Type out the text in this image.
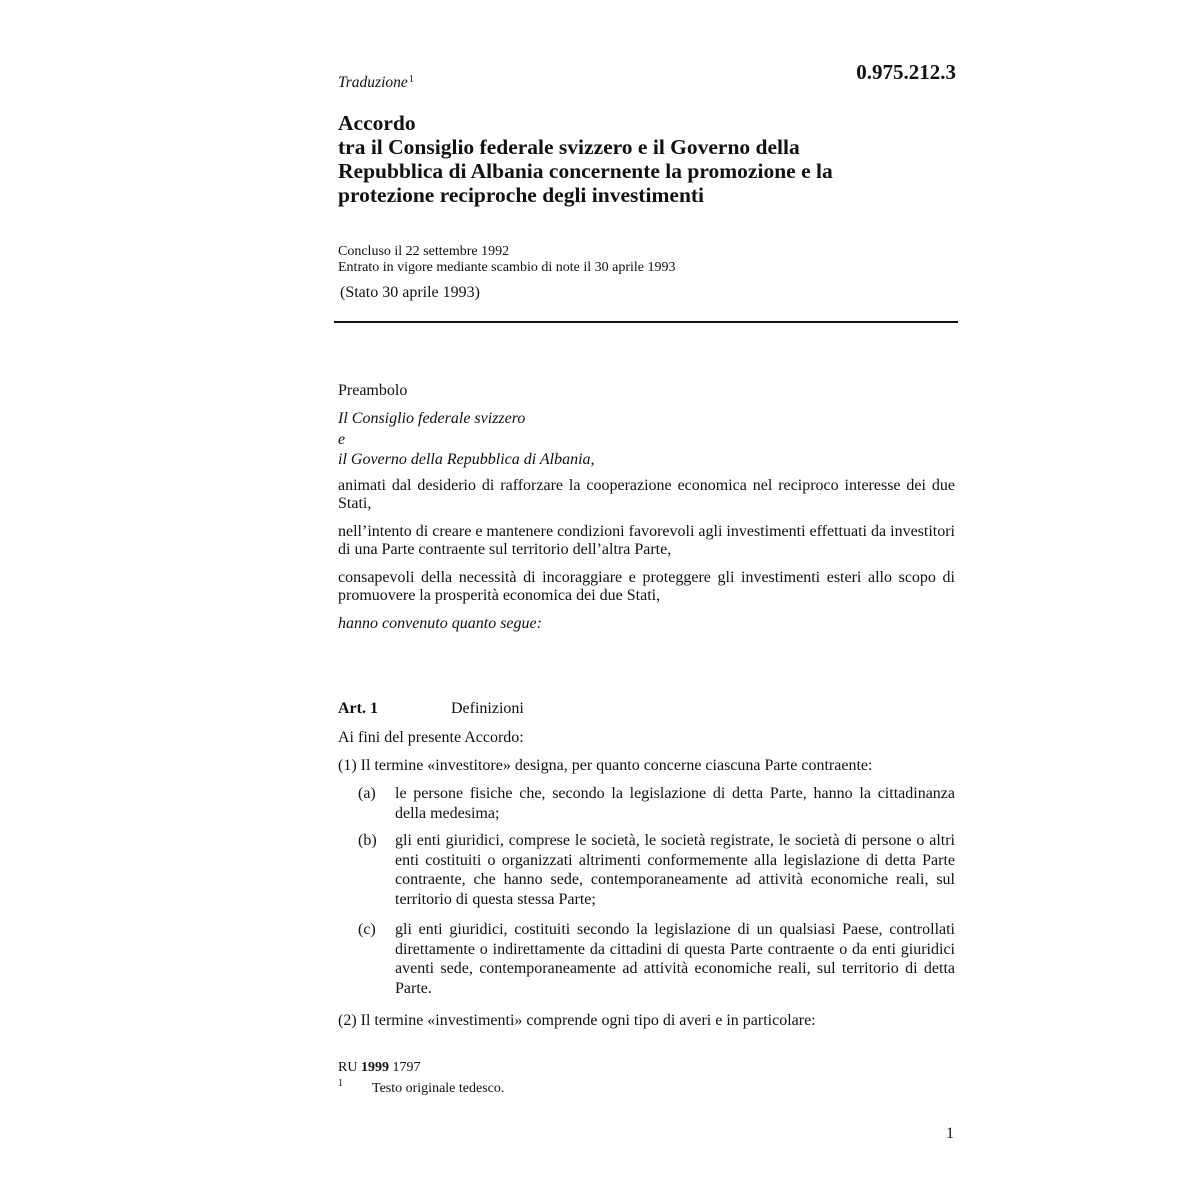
0.975.212.3
Traduzione$^1$
Accordo
tra il Consiglio federale svizzero e il Governo della
Repubblica di Albania concernente la promozione e la
protezione reciproche degli investimenti
Concluso il 22 settembre 1992
Entrato in vigore mediante scambio di note il 30 aprile 1993
(Stato 30 aprile 1993)
Preambolo
Il Consiglio federale svizzero
e
il Governo della Repubblica di Albania,
animati dal desiderio di rafforzare la cooperazione economica nel reciproco interesse dei due Stati,
nell’intento di creare e mantenere condizioni favorevoli agli investimenti effettuati da investitori di una Parte contraente sul territorio dell’altra Parte,
consapevoli della necessità di incoraggiare e proteggere gli investimenti esteri allo scopo di promuovere la prosperità economica dei due Stati,
hanno convenuto quanto segue:
Art. 1	Definizioni
Ai fini del presente Accordo:
(1) Il termine «investitore» designa, per quanto concerne ciascuna Parte contraente:
(a) le persone fisiche che, secondo la legislazione di detta Parte, hanno la cittadinanza della medesima;
(b) gli enti giuridici, comprese le società, le società registrate, le società di persone o altri enti costituiti o organizzati altrimenti conformemente alla legislazione di detta Parte contraente, che hanno sede, contemporaneamente ad attività economiche reali, sul territorio di questa stessa Parte;
(c) gli enti giuridici, costituiti secondo la legislazione di un qualsiasi Paese, controllati direttamente o indirettamente da cittadini di questa Parte contraente o da enti giuridici aventi sede, contemporaneamente ad attività economiche reali, sul territorio di detta Parte.
(2) Il termine «investimenti» comprende ogni tipo di averi e in particolare:
RU 1999 1797
1 Testo originale tedesco.
1
